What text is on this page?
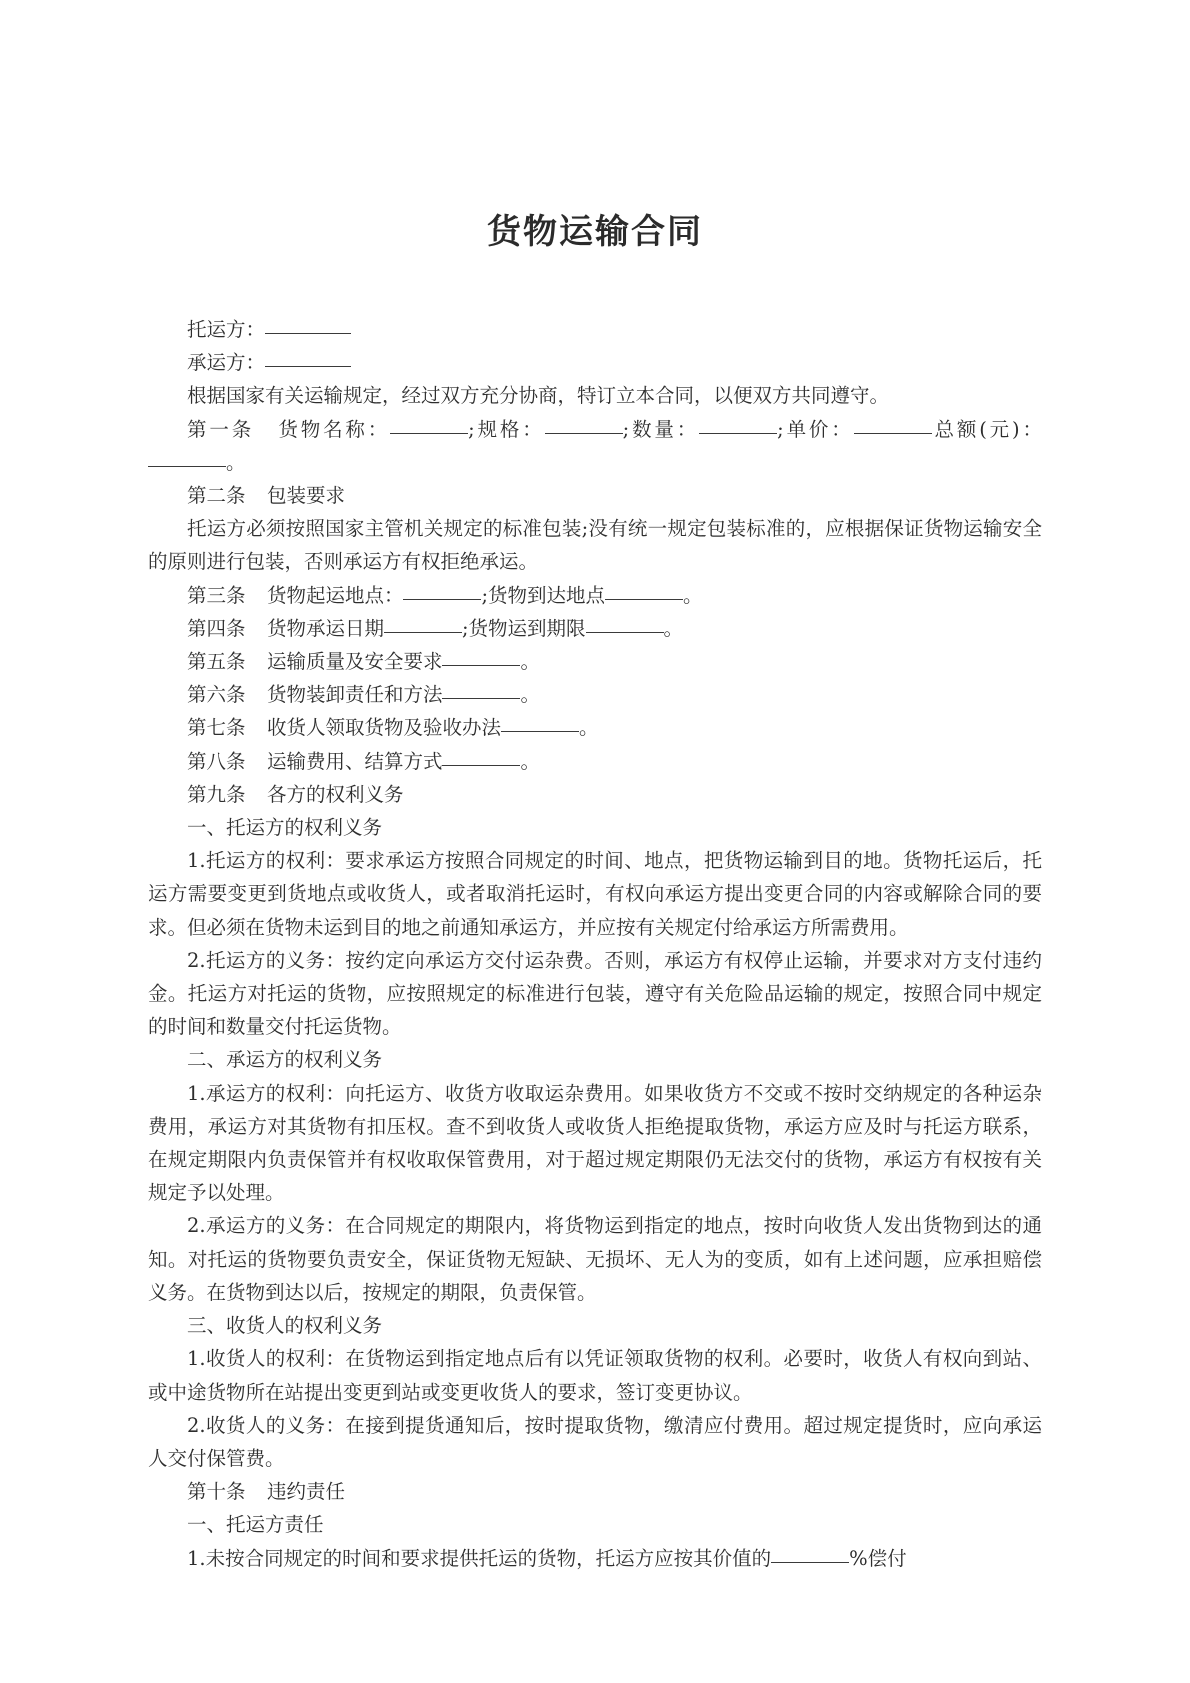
货物运输合同

托运方：

承运方：

根据国家有关运输规定，经过双方充分协商，特订立本合同，以便双方共同遵守。

第一条 货物名称：	;规格：	;数量：	;单价：	总额(元)：。

第二条 包装要求

托运方必须按照国家主管机关规定的标准包装;没有统一规定包装标准的，应根据保证货物运输安全的原则进行包装，否则承运方有权拒绝承运。

第三条 货物起运地点：	;货物到达地点	。

第四条 货物承运日期	;货物运到期限	。

第五条 运输质量及安全要求	。

第六条 货物装卸责任和方法	。

第七条 收货人领取货物及验收办法	。

第八条 运输费用、结算方式	。

第九条 各方的权利义务

一、托运方的权利义务

1.托运方的权利：要求承运方按照合同规定的时间、地点，把货物运输到目的地。货物托运后，托运方需要变更到货地点或收货人，或者取消托运时，有权向承运方提出变更合同的内容或解除合同的要求。但必须在货物未运到目的地之前通知承运方，并应按有关规定付给承运方所需费用。

2.托运方的义务：按约定向承运方交付运杂费。否则，承运方有权停止运输，并要求对方支付违约金。托运方对托运的货物，应按照规定的标准进行包装，遵守有关危险品运输的规定，按照合同中规定的时间和数量交付托运货物。

二、承运方的权利义务

1.承运方的权利：向托运方、收货方收取运杂费用。如果收货方不交或不按时交纳规定的各种运杂费用，承运方对其货物有扣压权。查不到收货人或收货人拒绝提取货物，承运方应及时与托运方联系，在规定期限内负责保管并有权收取保管费用，对于超过规定期限仍无法交付的货物，承运方有权按有关规定予以处理。

2.承运方的义务：在合同规定的期限内，将货物运到指定的地点，按时向收货人发出货物到达的通知。对托运的货物要负责安全，保证货物无短缺、无损坏、无人为的变质，如有上述问题，应承担赔偿义务。在货物到达以后，按规定的期限，负责保管。

三、收货人的权利义务

1.收货人的权利：在货物运到指定地点后有以凭证领取货物的权利。必要时，收货人有权向到站、或中途货物所在站提出变更到站或变更收货人的要求，签订变更协议。

2.收货人的义务：在接到提货通知后，按时提取货物，缴清应付费用。超过规定提货时，应向承运人交付保管费。

第十条 违约责任

一、托运方责任

1.未按合同规定的时间和要求提供托运的货物，托运方应按其价值的	%偿付
